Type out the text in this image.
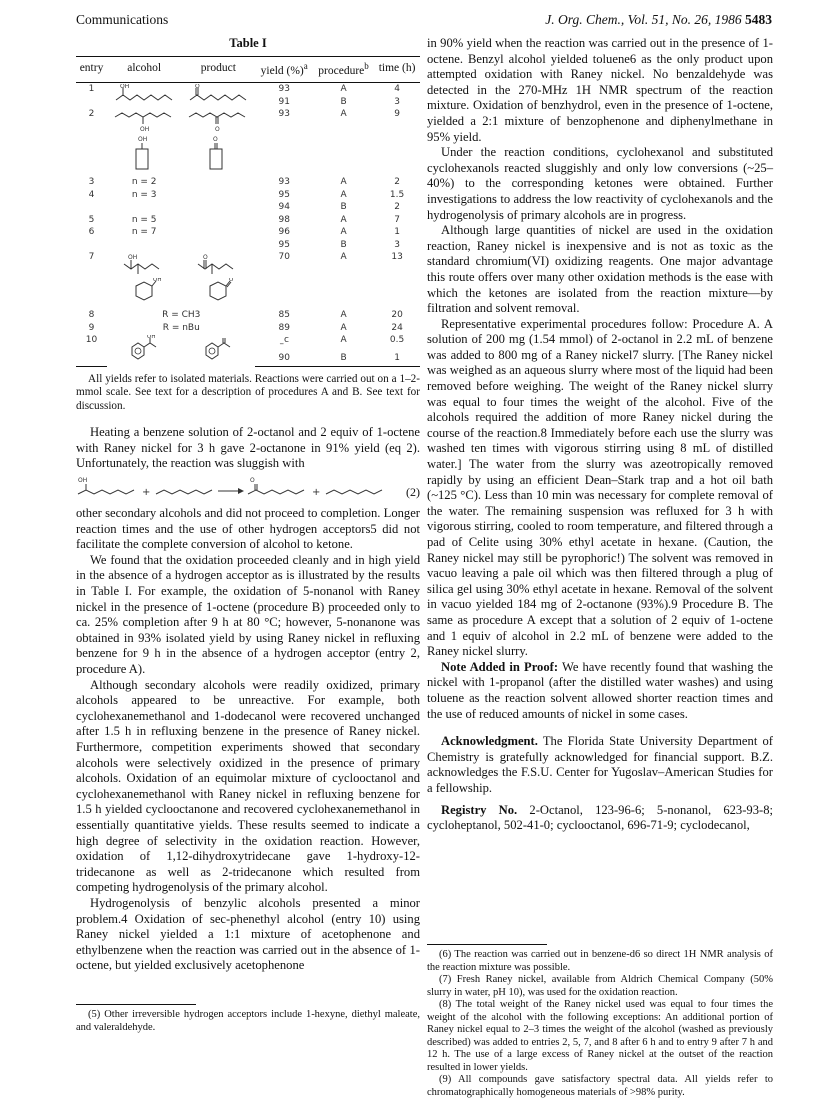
Communications	J. Org. Chem., Vol. 51, No. 26, 1986 5483
Table I
entry	alcohol	product	yield (%)$^a$	procedure$^b$	time (h)
1	OH	O	93	A	4
			91	B	3
2	OH	O	93	A	9

OH	O			

3	n = 2		93	A	2
4	n = 3		95	A	1.5
			94	B	2
5	n = 5		98	A	7
6	n = 7		96	A	1
			95	B	3
7	OH	O	70	A	13

OH	O			

8	R = CH3		85	A	20
9	R = nBu		89	A	24
10	OH		–$^c$	A	0.5
			90	B	1
All yields refer to isolated materials. Reactions were carried out on a 1–2-mmol scale. See text for a description of procedures A and B. See text for discussion.

Heating a benzene solution of 2-octanol and 2 equiv of 1-octene with Raney nickel for 3 h gave 2-octanone in 91% yield (eq 2). Unfortunately, the reaction was sluggish with

OH
+
O
+	(2)

other secondary alcohols and did not proceed to completion. Longer reaction times and the use of other hydrogen acceptors5 did not facilitate the complete conversion of alcohol to ketone.

We found that the oxidation proceeded cleanly and in high yield in the absence of a hydrogen acceptor as is illustrated by the results in Table I. For example, the oxidation of 5-nonanol with Raney nickel in the presence of 1-octene (procedure B) proceeded only to ca. 25% completion after 9 h at 80 °C; however, 5-nonanone was obtained in 93% isolated yield by using Raney nickel in refluxing benzene for 9 h in the absence of a hydrogen acceptor (entry 2, procedure A).

Although secondary alcohols were readily oxidized, primary alcohols appeared to be unreactive. For example, both cyclohexanemethanol and 1-dodecanol were recovered unchanged after 1.5 h in refluxing benzene in the presence of Raney nickel. Furthermore, competition experiments showed that secondary alcohols were selectively oxidized in the presence of primary alcohols. Oxidation of an equimolar mixture of cyclooctanol and cyclohexanemethanol with Raney nickel in refluxing benzene for 1.5 h yielded cyclooctanone and recovered cyclohexanemethanol in essentially quantitative yields. These results seemed to indicate a high degree of selectivity in the oxidation reaction. However, oxidation of 1,12-dihydroxytridecane gave 1-hydroxy-12-tridecanone as well as 2-tridecanone which resulted from competing hydrogenolysis of the primary alcohol.

Hydrogenolysis of benzylic alcohols presented a minor problem.4 Oxidation of sec-phenethyl alcohol (entry 10) using Raney nickel yielded a 1:1 mixture of acetophenone and ethylbenzene when the reaction was carried out in the absence of 1-octene, but yielded exclusively acetophenone

(5) Other irreversible hydrogen acceptors include 1-hexyne, diethyl maleate, and valeraldehyde.

in 90% yield when the reaction was carried out in the presence of 1-octene. Benzyl alcohol yielded toluene6 as the only product upon attempted oxidation with Raney nickel. No benzaldehyde was detected in the 270-MHz 1H NMR spectrum of the reaction mixture. Oxidation of benzhydrol, even in the presence of 1-octene, yielded a 2:1 mixture of benzophenone and diphenylmethane in 95% yield.

Under the reaction conditions, cyclohexanol and substituted cyclohexanols reacted sluggishly and only low conversions (~25–40%) to the corresponding ketones were obtained. Further investigations to address the low reactivity of cyclohexanols and the hydrogenolysis of primary alcohols are in progress.

Although large quantities of nickel are used in the oxidation reaction, Raney nickel is inexpensive and is not as toxic as the standard chromium(VI) oxidizing reagents. One major advantage this route offers over many other oxidation methods is the ease with which the ketones are isolated from the reaction mixture—by filtration and solvent removal.

Representative experimental procedures follow: Procedure A. A solution of 200 mg (1.54 mmol) of 2-octanol in 2.2 mL of benzene was added to 800 mg of a Raney nickel7 slurry. [The Raney nickel was weighed as an aqueous slurry where most of the liquid had been removed before weighing. The weight of the Raney nickel slurry was equal to four times the weight of the alcohol. Five of the alcohols required the addition of more Raney nickel during the course of the reaction.8 Immediately before each use the slurry was washed ten times with vigorous stirring using 8 mL of distilled water.] The water from the slurry was azeotropically removed rapidly by using an efficient Dean–Stark trap and a hot oil bath (~125 °C). Less than 10 min was necessary for complete removal of the water. The remaining suspension was refluxed for 3 h with vigorous stirring, cooled to room temperature, and filtered through a pad of Celite using 30% ethyl acetate in hexane. (Caution, the Raney nickel may still be pyrophoric!) The solvent was removed in vacuo leaving a pale oil which was then filtered through a plug of silica gel using 30% ethyl acetate in hexane. Removal of the solvent in vacuo yielded 184 mg of 2-octanone (93%).9 Procedure B. The same as procedure A except that a solution of 2 equiv of 1-octene and 1 equiv of alcohol in 2.2 mL of benzene were added to the Raney nickel slurry.

Note Added in Proof: We have recently found that washing the nickel with 1-propanol (after the distilled water washes) and using toluene as the reaction solvent allowed shorter reaction times and the use of reduced amounts of nickel in some cases.

Acknowledgment. The Florida State University Department of Chemistry is gratefully acknowledged for financial support. B.Z. acknowledges the F.S.U. Center for Yugoslav–American Studies for a fellowship.

Registry No. 2-Octanol, 123-96-6; 5-nonanol, 623-93-8; cycloheptanol, 502-41-0; cyclooctanol, 696-71-9; cyclodecanol,

(6) The reaction was carried out in benzene-d6 so direct 1H NMR analysis of the reaction mixture was possible.

(7) Fresh Raney nickel, available from Aldrich Chemical Company (50% slurry in water, pH 10), was used for the oxidation reaction.

(8) The total weight of the Raney nickel used was equal to four times the weight of the alcohol with the following exceptions: An additional portion of Raney nickel equal to 2–3 times the weight of the alcohol (washed as previously described) was added to entries 2, 5, 7, and 8 after 6 h and to entry 9 after 7 h and 12 h. The use of a large excess of Raney nickel at the outset of the reaction resulted in lower yields.

(9) All compounds gave satisfactory spectral data. All yields refer to chromatographically homogeneous materials of >98% purity.
